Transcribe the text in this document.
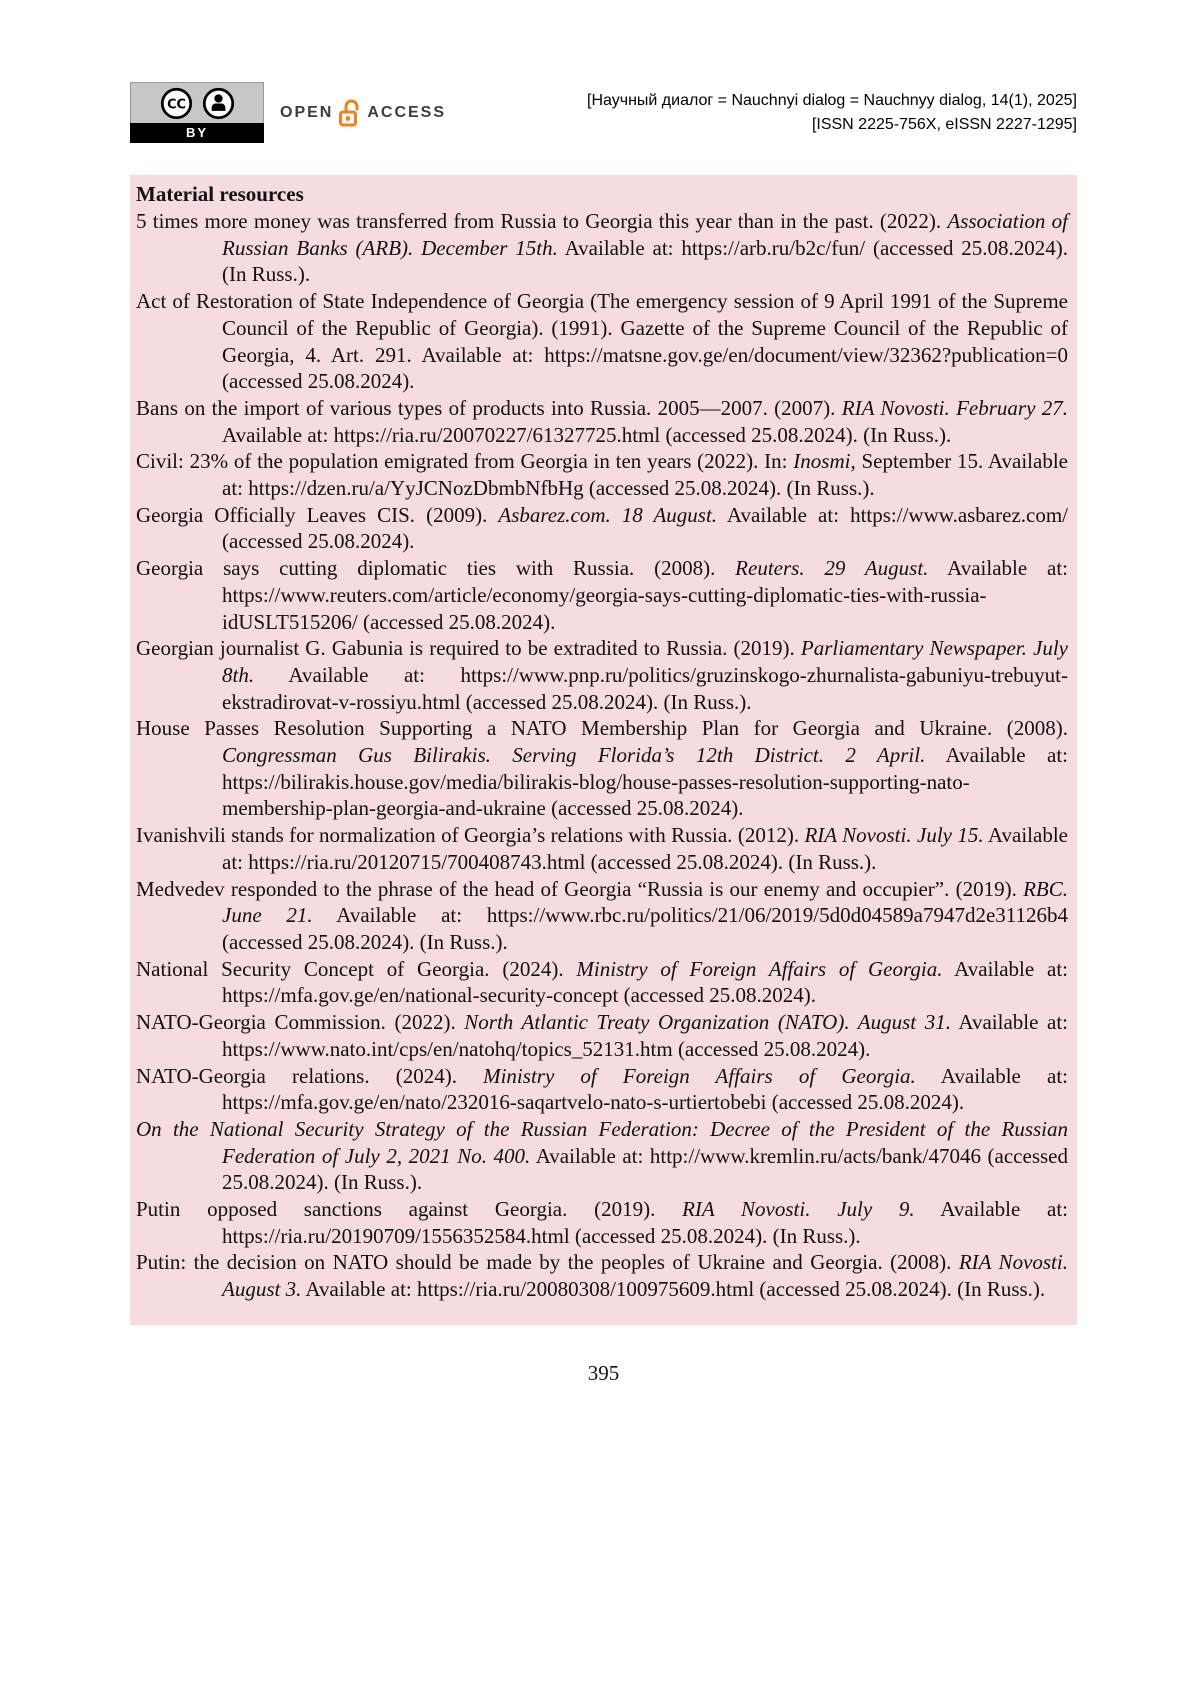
CC
BY
OPEN ACCESS
[Научный диалог = Nauchnyi dialog = Nauchnyy dialog, 14(1), 2025]
[ISSN 2225-756X, eISSN 2227-1295]
Material resources

5 times more money was transferred from Russia to Georgia this year than in the past. (2022). Association of Russian Banks (ARB). December 15th. Available at: https://arb.ru/b2c/fun/ (accessed 25.08.2024). (In Russ.).

Act of Restoration of State Independence of Georgia (The emergency session of 9 April 1991 of the Supreme Council of the Republic of Georgia). (1991). Gazette of the Supreme Council of the Republic of Georgia, 4. Art. 291. Available at: https://matsne.gov.ge/en/document/view/32362?publication=0 (accessed 25.08.2024).

Bans on the import of various types of products into Russia. 2005—2007. (2007). RIA Novosti. February 27. Available at: https://ria.ru/20070227/61327725.html (accessed 25.08.2024). (In Russ.).

Civil: 23% of the population emigrated from Georgia in ten years (2022). In: Inosmi, September 15. Available at: https://dzen.ru/a/YyJCNozDbmbNfbHg (accessed 25.08.2024). (In Russ.).

Georgia Officially Leaves CIS. (2009). Asbarez.com. 18 August. Available at: https://www.asbarez.com/ (accessed 25.08.2024).

Georgia says cutting diplomatic ties with Russia. (2008). Reuters. 29 August. Available at: https://www.reuters.com/article/economy/georgia-says-cutting-diplomatic-ties-with-russia-idUSLT515206/ (accessed 25.08.2024).

Georgian journalist G. Gabunia is required to be extradited to Russia. (2019). Parliamentary Newspaper. July 8th. Available at: https://www.pnp.ru/politics/gruzinskogo-zhurnalista-gabuniyu-trebuyut-ekstradirovat-v-rossiyu.html (accessed 25.08.2024). (In Russ.).

House Passes Resolution Supporting a NATO Membership Plan for Georgia and Ukraine. (2008). Congressman Gus Bilirakis. Serving Florida’s 12th District. 2 April. Available at: https://bilirakis.house.gov/media/bilirakis-blog/house-passes-resolution-supporting-nato-membership-plan-georgia-and-ukraine (accessed 25.08.2024).

Ivanishvili stands for normalization of Georgia’s relations with Russia. (2012). RIA Novosti. July 15. Available at: https://ria.ru/20120715/700408743.html (accessed 25.08.2024). (In Russ.).

Medvedev responded to the phrase of the head of Georgia “Russia is our enemy and occupier”. (2019). RBC. June 21. Available at: https://www.rbc.ru/politics/21/06/2019/5d0d04589a7947d2e31126b4 (accessed 25.08.2024). (In Russ.).

National Security Concept of Georgia. (2024). Ministry of Foreign Affairs of Georgia. Available at: https://mfa.gov.ge/en/national-security-concept (accessed 25.08.2024).

NATO-Georgia Commission. (2022). North Atlantic Treaty Organization (NATO). August 31. Available at: https://www.nato.int/cps/en/natohq/topics_52131.htm (accessed 25.08.2024).

NATO-Georgia relations. (2024). Ministry of Foreign Affairs of Georgia. Available at: https://mfa.gov.ge/en/nato/232016-saqartvelo-nato-s-urtiertobebi (accessed 25.08.2024).

On the National Security Strategy of the Russian Federation: Decree of the President of the Russian Federation of July 2, 2021 No. 400. Available at: http://www.kremlin.ru/acts/bank/47046 (accessed 25.08.2024). (In Russ.).

Putin opposed sanctions against Georgia. (2019). RIA Novosti. July 9. Available at: https://ria.ru/20190709/1556352584.html (accessed 25.08.2024). (In Russ.).

Putin: the decision on NATO should be made by the peoples of Ukraine and Georgia. (2008). RIA Novosti. August 3. Available at: https://ria.ru/20080308/100975609.html (accessed 25.08.2024). (In Russ.).

395
